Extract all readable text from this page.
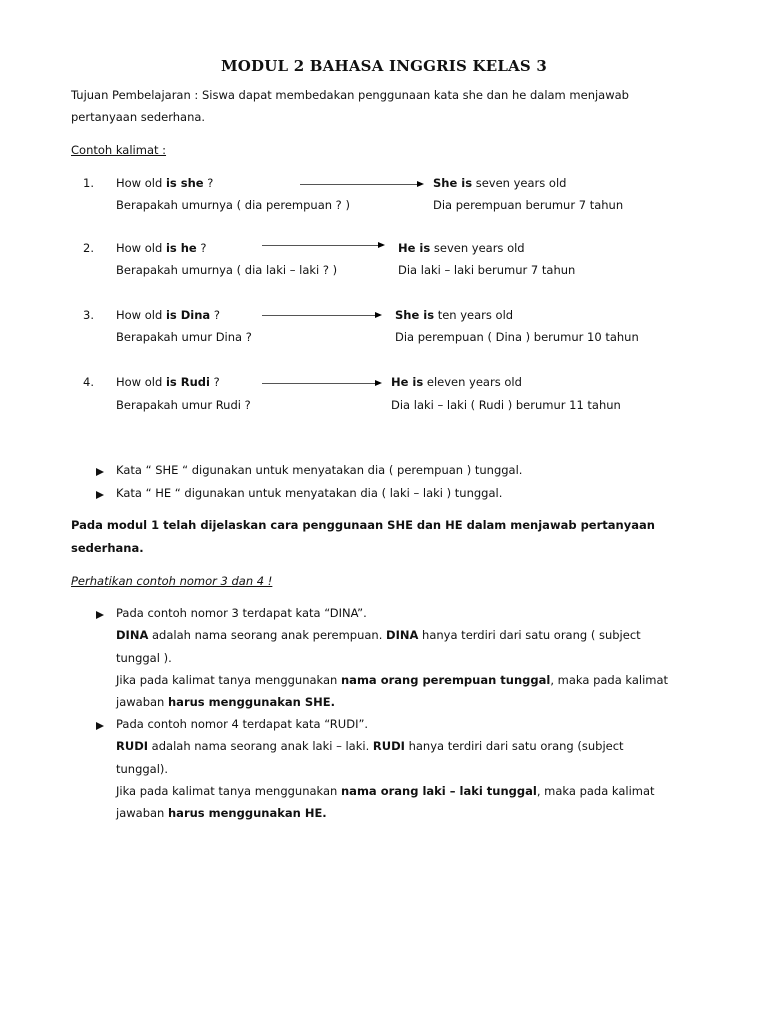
MODUL 2 BAHASA INGGRIS KELAS 3
Tujuan Pembelajaran : Siswa dapat membedakan penggunaan kata she dan he dalam menjawab
pertanyaan sederhana.
Contoh kalimat :
1. How old is she ?	She is seven years old
Berapakah umurnya ( dia perempuan ? )	Dia perempuan berumur 7 tahun
2. How old is he ?	He is seven years old
Berapakah umurnya ( dia laki – laki ? )	Dia laki – laki berumur 7 tahun
3. How old is Dina ?	She is ten years old
Berapakah umur Dina ?	Dia perempuan ( Dina ) berumur 10 tahun
4. How old is Rudi ?	He is eleven years old
Berapakah umur Rudi ?	Dia laki – laki ( Rudi ) berumur 11 tahun
Kata “ SHE “ digunakan untuk menyatakan dia ( perempuan ) tunggal.
Kata “ HE “ digunakan untuk menyatakan dia ( laki – laki ) tunggal.
Pada modul 1 telah dijelaskan cara penggunaan SHE dan HE dalam menjawab pertanyaan
sederhana.
Perhatikan contoh nomor 3 dan 4 !
Pada contoh nomor 3 terdapat kata “DINA”.
DINA adalah nama seorang anak perempuan. DINA hanya terdiri dari satu orang ( subject
tunggal ).
Jika pada kalimat tanya menggunakan nama orang perempuan tunggal, maka pada kalimat
jawaban harus menggunakan SHE.
Pada contoh nomor 4 terdapat kata “RUDI”.
RUDI adalah nama seorang anak laki – laki. RUDI hanya terdiri dari satu orang (subject
tunggal).
Jika pada kalimat tanya menggunakan nama orang laki – laki tunggal, maka pada kalimat
jawaban harus menggunakan HE.
